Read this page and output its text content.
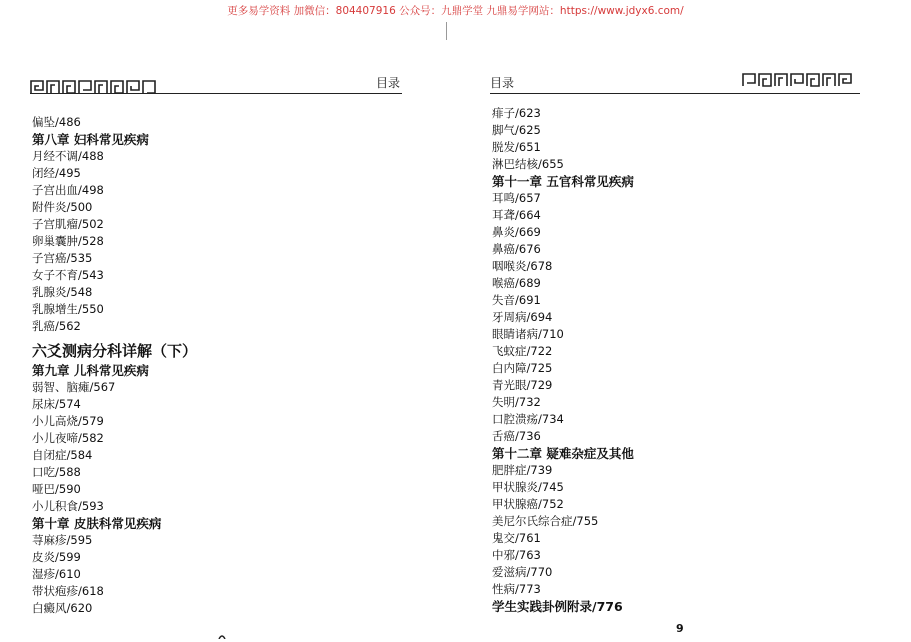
更多易学资料 加微信：804407916 公众号：九鼎学堂 九鼎易学网站：https://www.jdyx6.com/
目录
偏坠/486
第八章 妇科常见疾病
月经不调/488
闭经/495
子宫出血/498
附件炎/500
子宫肌瘤/502
卵巢囊肿/528
子宫癌/535
女子不育/543
乳腺炎/548
乳腺增生/550
乳癌/562
六爻测病分科详解（下）
第九章 儿科常见疾病
弱智、脑瘫/567
尿床/574
小儿高烧/579
小儿夜啼/582
自闭症/584
口吃/588
哑巴/590
小儿积食/593
第十章 皮肤科常见疾病
荨麻疹/595
皮炎/599
湿疹/610
带状疱疹/618
白癜风/620
目录
痱子/623
脚气/625
脱发/651
淋巴结核/655
第十一章 五官科常见疾病
耳鸣/657
耳聋/664
鼻炎/669
鼻癌/676
咽喉炎/678
喉癌/689
失音/691
牙周病/694
眼睛诸病/710
飞蚊症/722
白内障/725
青光眼/729
失明/732
口腔溃疡/734
舌癌/736
第十二章 疑难杂症及其他
肥胖症/739
甲状腺炎/745
甲状腺癌/752
美尼尔氏综合症/755
鬼交/761
中邪/763
爱滋病/770
性病/773
学生实践卦例附录/776
9
